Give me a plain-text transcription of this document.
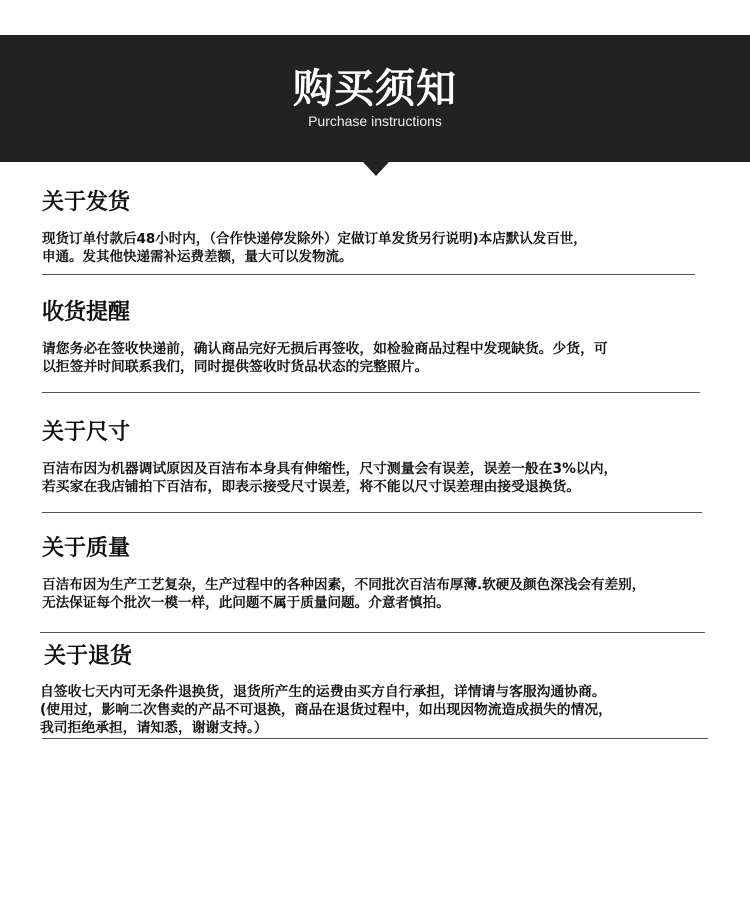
购买须知
Purchase instructions
关于发货
现货订单付款后48小时内，（合作快递停发除外）定做订单发货另行说明)本店默认发百世，
申通。发其他快递需补运费差额，量大可以发物流。
收货提醒
请您务必在签收快递前，确认商品完好无损后再签收，如检验商品过程中发现缺货。少货，可
以拒签并时间联系我们，同时提供签收时货品状态的完整照片。
关于尺寸
百洁布因为机器调试原因及百洁布本身具有伸缩性，尺寸测量会有误差，误差一般在3%以内，
若买家在我店铺拍下百洁布，即表示接受尺寸误差，将不能以尺寸误差理由接受退换货。
关于质量
百洁布因为生产工艺复杂，生产过程中的各种因素，不同批次百洁布厚薄.软硬及颜色深浅会有差别，
无法保证每个批次一模一样，此问题不属于质量问题。介意者慎拍。
关于退货
自签收七天内可无条件退换货，退货所产生的运费由买方自行承担，详情请与客服沟通协商。
(使用过，影响二次售卖的产品不可退换，商品在退货过程中，如出现因物流造成损失的情况，
我司拒绝承担，请知悉，谢谢支持。）
